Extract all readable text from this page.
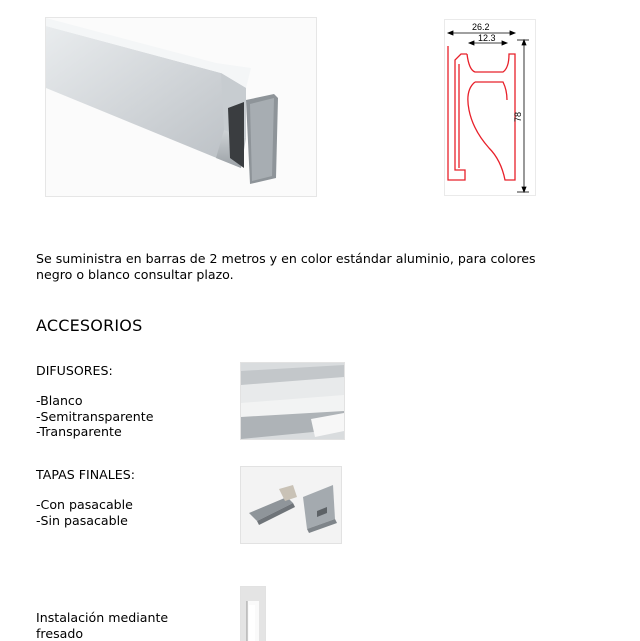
26.2
12.3
78
Se suministra en barras de 2 metros y en color estándar aluminio, para colores
negro o blanco consultar plazo.
ACCESORIOS
DIFUSORES:
-Blanco
-Semitransparente
-Transparente
TAPAS FINALES:
-Con pasacable
-Sin pasacable
Instalación mediante
fresado
